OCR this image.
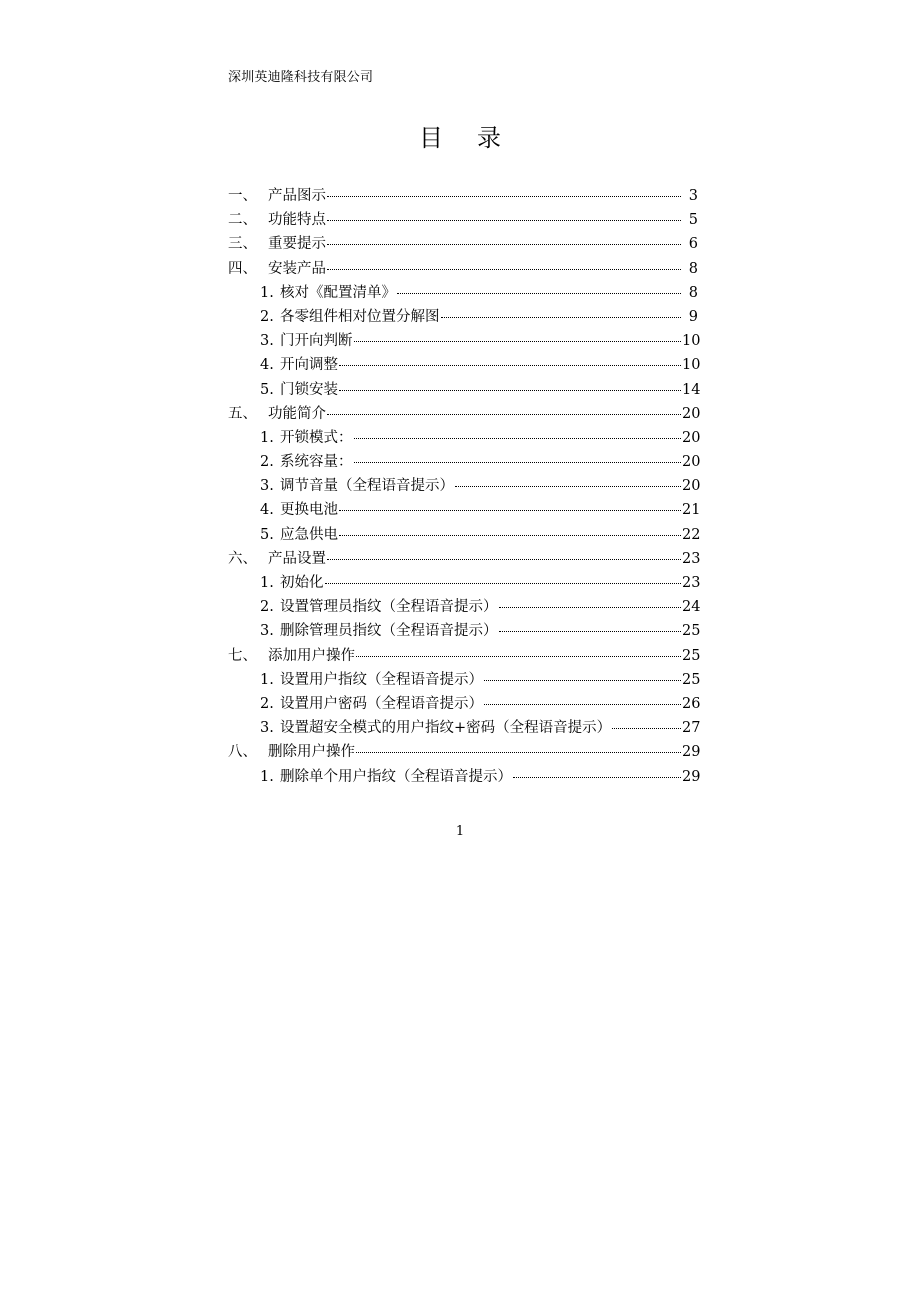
深圳英迪隆科技有限公司
目录
一、 产品图示	3
二、 功能特点	5
三、 重要提示	6
四、 安装产品	8
1. 核对《配置清单》	8
2. 各零组件相对位置分解图	9
3. 门开向判断	10
4. 开向调整	10
5. 门锁安装	14
五、 功能简介	20
1. 开锁模式：	20
2. 系统容量：	20
3. 调节音量（全程语音提示）	20
4. 更换电池	21
5. 应急供电	22
六、 产品设置	23
1. 初始化	23
2. 设置管理员指纹（全程语音提示）	24
3. 删除管理员指纹（全程语音提示）	25
七、 添加用户操作	25
1. 设置用户指纹（全程语音提示）	25
2. 设置用户密码（全程语音提示）	26
3. 设置超安全模式的用户指纹+密码（全程语音提示）	27
八、 删除用户操作	29
1. 删除单个用户指纹（全程语音提示）	29
1
